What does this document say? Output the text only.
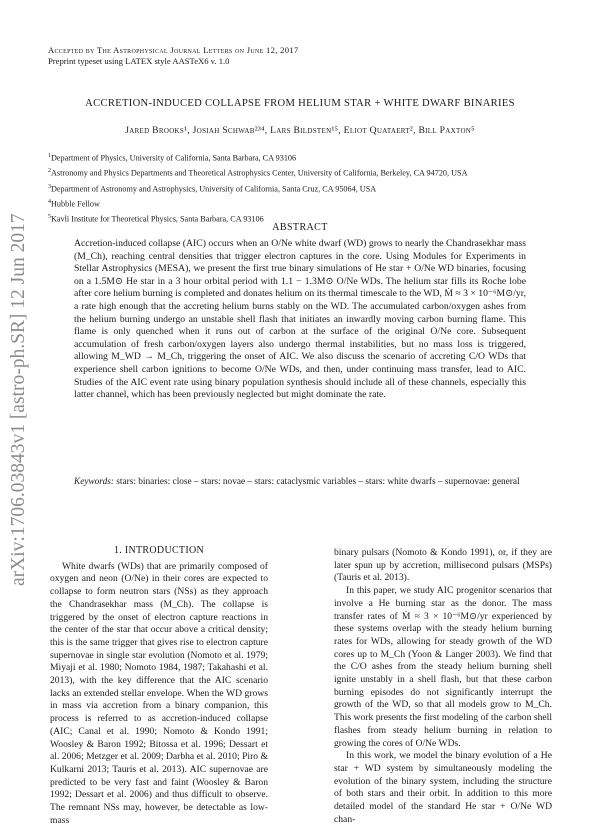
arXiv:1706.03843v1 [astro-ph.SR] 12 Jun 2017
Accepted by The Astrophysical Journal Letters on June 12, 2017
Preprint typeset using LATEX style AASTeX6 v. 1.0
ACCRETION-INDUCED COLLAPSE FROM HELIUM STAR + WHITE DWARF BINARIES
Jared Brooks¹, Josiah Schwab²³⁴, Lars Bildsten¹⁵, Eliot Quataert², Bill Paxton⁵
$^1$Department of Physics, University of California, Santa Barbara, CA 93106
$^2$Astronomy and Physics Departments and Theoretical Astrophysics Center, University of California, Berkeley, CA 94720, USA
$^3$Department of Astronomy and Astrophysics, University of California, Santa Cruz, CA 95064, USA
$^4$Hubble Fellow
$^5$Kavli Institute for Theoretical Physics, Santa Barbara, CA 93106
ABSTRACT
Accretion-induced collapse (AIC) occurs when an O/Ne white dwarf (WD) grows to nearly the Chandrasekhar mass (M_Ch), reaching central densities that trigger electron captures in the core. Using Modules for Experiments in Stellar Astrophysics (MESA), we present the first true binary simulations of He star + O/Ne WD binaries, focusing on a 1.5M⊙ He star in a 3 hour orbital period with 1.1 − 1.3M⊙ O/Ne WDs. The helium star fills its Roche lobe after core helium burning is completed and donates helium on its thermal timescale to the WD, Ṁ ≈ 3 × 10⁻⁶M⊙/yr, a rate high enough that the accreting helium burns stably on the WD. The accumulated carbon/oxygen ashes from the helium burning undergo an unstable shell flash that initiates an inwardly moving carbon burning flame. This flame is only quenched when it runs out of carbon at the surface of the original O/Ne core. Subsequent accumulation of fresh carbon/oxygen layers also undergo thermal instabilities, but no mass loss is triggered, allowing M_WD → M_Ch, triggering the onset of AIC. We also discuss the scenario of accreting C/O WDs that experience shell carbon ignitions to become O/Ne WDs, and then, under continuing mass transfer, lead to AIC. Studies of the AIC event rate using binary population synthesis should include all of these channels, especially this latter channel, which has been previously neglected but might dominate the rate.
Keywords: stars: binaries: close – stars: novae – stars: cataclysmic variables – stars: white dwarfs – supernovae: general
1. INTRODUCTION

White dwarfs (WDs) that are primarily composed of oxygen and neon (O/Ne) in their cores are expected to collapse to form neutron stars (NSs) as they approach the Chandrasekhar mass (M_Ch). The collapse is triggered by the onset of electron capture reactions in the center of the star that occur above a critical density; this is the same trigger that gives rise to electron capture supernovae in single star evolution (Nomoto et al. 1979; Miyaji et al. 1980; Nomoto 1984, 1987; Takahashi et al. 2013), with the key difference that the AIC scenario lacks an extended stellar envelope. When the WD grows in mass via accretion from a binary companion, this process is referred to as accretion-induced collapse (AIC; Canal et al. 1990; Nomoto & Kondo 1991; Woosley & Baron 1992; Bitossa et al. 1996; Dessart et al. 2006; Metzger et al. 2009; Darbha et al. 2010; Piro & Kulkarni 2013; Tauris et al. 2013). AIC supernovae are predicted to be very fast and faint (Woosley & Baron 1992; Dessart et al. 2006) and thus difficult to observe. The remnant NSs may, however, be detectable as low-mass

binary pulsars (Nomoto & Kondo 1991), or, if they are later spun up by accretion, millisecond pulsars (MSPs) (Tauris et al. 2013).

In this paper, we study AIC progenitor scenarios that involve a He burning star as the donor. The mass transfer rates of Ṁ ≈ 3 × 10⁻⁶M⊙/yr experienced by these systems overlap with the steady helium burning rates for WDs, allowing for steady growth of the WD cores up to M_Ch (Yoon & Langer 2003). We find that the C/O ashes from the steady helium burning shell ignite unstably in a shell flash, but that these carbon burning episodes do not significantly interrupt the growth of the WD, so that all models grow to M_Ch. This work presents the first modeling of the carbon shell flashes from steady helium burning in relation to growing the cores of O/Ne WDs.

In this work, we model the binary evolution of a He star + WD system by simultaneously modeling the evolution of the binary system, including the structure of both stars and their orbit. In addition to this more detailed model of the standard He star + O/Ne WD chan-
